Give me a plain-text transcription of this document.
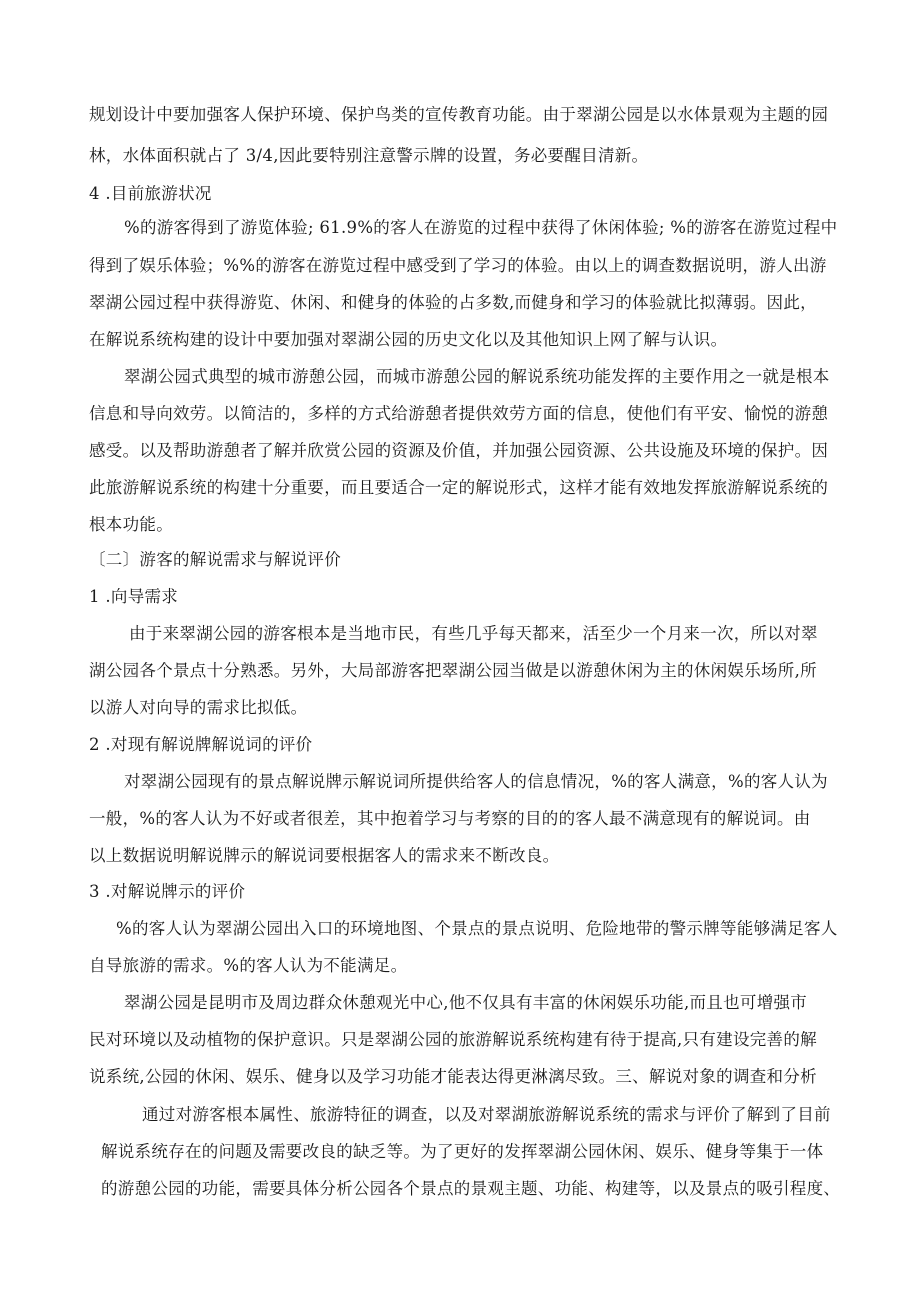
规划设计中要加强客人保护环境、保护鸟类的宣传教育功能。由于翠湖公园是以水体景观为主题的园
林，水体面积就占了 3/4,因此要特别注意警示牌的设置，务必要醒目清新。
4 .目前旅游状况
%的游客得到了游览体验; 61.9%的客人在游览的过程中获得了休闲体验; %的游客在游览过程中
得到了娱乐体验；%%的游客在游览过程中感受到了学习的体验。由以上的调查数据说明，游人出游
翠湖公园过程中获得游览、休闲、和健身的体验的占多数,而健身和学习的体验就比拟薄弱。因此，
在解说系统构建的设计中要加强对翠湖公园的历史文化以及其他知识上网了解与认识。
翠湖公园式典型的城市游憩公园，而城市游憩公园的解说系统功能发挥的主要作用之一就是根本
信息和导向效劳。以简洁的，多样的方式给游憩者提供效劳方面的信息，使他们有平安、愉悦的游憩
感受。以及帮助游憩者了解并欣赏公园的资源及价值，并加强公园资源、公共设施及环境的保护。因
此旅游解说系统的构建十分重要，而且要适合一定的解说形式，这样才能有效地发挥旅游解说系统的
根本功能。
〔二〕游客的解说需求与解说评价
1 .向导需求
由于来翠湖公园的游客根本是当地市民，有些几乎每天都来，活至少一个月来一次，所以对翠
湖公园各个景点十分熟悉。另外，大局部游客把翠湖公园当做是以游憩休闲为主的休闲娱乐场所,所
以游人对向导的需求比拟低。
2 .对现有解说牌解说词的评价
对翠湖公园现有的景点解说牌示解说词所提供给客人的信息情况，%的客人满意，%的客人认为
一般，%的客人认为不好或者很差，其中抱着学习与考察的目的的客人最不满意现有的解说词。由
以上数据说明解说牌示的解说词要根据客人的需求来不断改良。
3 .对解说牌示的评价
%的客人认为翠湖公园出入口的环境地图、个景点的景点说明、危险地带的警示牌等能够满足客人
自导旅游的需求。%的客人认为不能满足。
翠湖公园是昆明市及周边群众休憩观光中心,他不仅具有丰富的休闲娱乐功能,而且也可增强市
民对环境以及动植物的保护意识。只是翠湖公园的旅游解说系统构建有待于提高,只有建设完善的解
说系统,公园的休闲、娱乐、健身以及学习功能才能表达得更淋漓尽致。三、解说对象的调查和分析
通过对游客根本属性、旅游特征的调查，以及对翠湖旅游解说系统的需求与评价了解到了目前
解说系统存在的问题及需要改良的缺乏等。为了更好的发挥翠湖公园休闲、娱乐、健身等集于一体
的游憩公园的功能，需要具体分析公园各个景点的景观主题、功能、构建等，以及景点的吸引程度、
